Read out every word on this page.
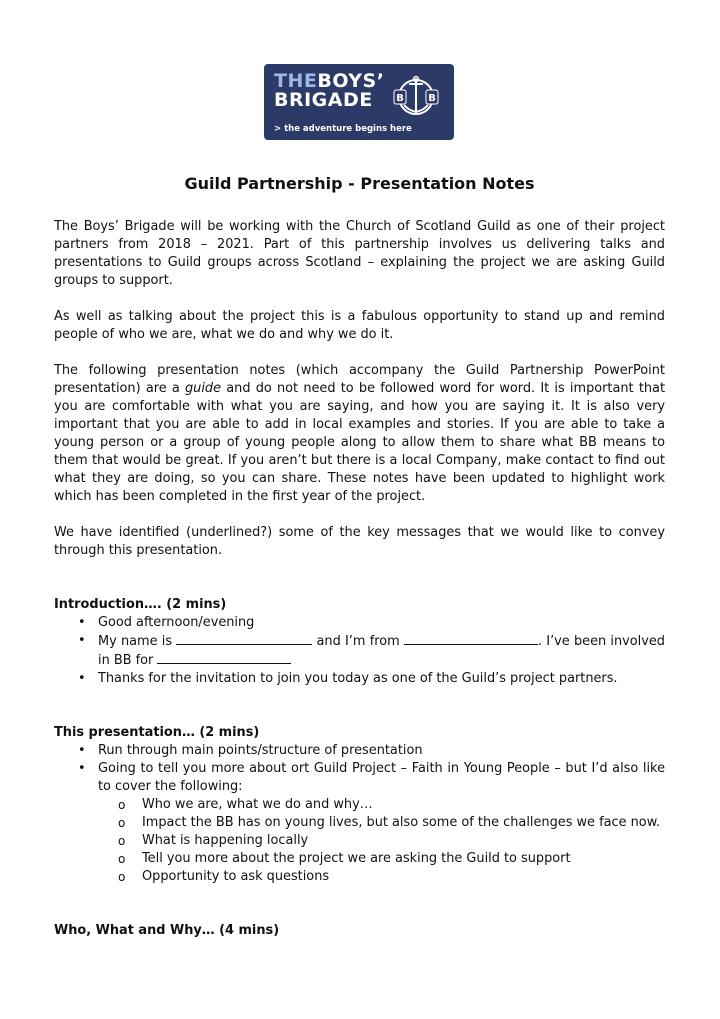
THEBOYS’
BRIGADE	B B
> the adventure begins here
Guild Partnership - Presentation Notes

The Boys’ Brigade will be working with the Church of Scotland Guild as one of their project partners from 2018 – 2021. Part of this partnership involves us delivering talks and presentations to Guild groups across Scotland – explaining the project we are asking Guild groups to support.

As well as talking about the project this is a fabulous opportunity to stand up and remind people of who we are, what we do and why we do it.

The following presentation notes (which accompany the Guild Partnership PowerPoint presentation) are a guide and do not need to be followed word for word. It is important that you are comfortable with what you are saying, and how you are saying it. It is also very important that you are able to add in local examples and stories. If you are able to take a young person or a group of young people along to allow them to share what BB means to them that would be great. If you aren’t but there is a local Company, make contact to find out what they are doing, so you can share. These notes have been updated to highlight work which has been completed in the first year of the project.

We have identified (underlined?) some of the key messages that we would like to convey through this presentation.

Introduction…. (2 mins)
• Good afternoon/evening
• My name is	and I’m from	. I’ve been involved in BB for
• Thanks for the invitation to join you today as one of the Guild’s project partners.
This presentation… (2 mins)
• Run through main points/structure of presentation
• Going to tell you more about ort Guild Project – Faith in Young People – but I’d also like to cover the following:
o Who we are, what we do and why…
o Impact the BB has on young lives, but also some of the challenges we face now.
o What is happening locally
o Tell you more about the project we are asking the Guild to support
o Opportunity to ask questions
Who, What and Why… (4 mins)
